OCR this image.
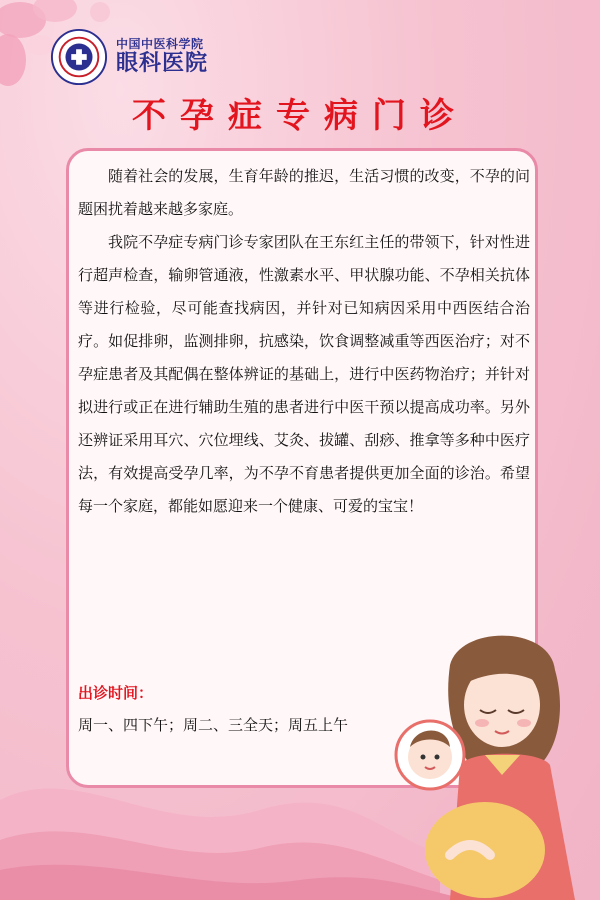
中国中医科学院
眼科医院
不孕症专病门诊

随着社会的发展，生育年龄的推迟，生活习惯的改变，不孕的问题困扰着越来越多家庭。

我院不孕症专病门诊专家团队在王东红主任的带领下，针对性进行超声检查，输卵管通液，性激素水平、甲状腺功能、不孕相关抗体等进行检验，尽可能查找病因，并针对已知病因采用中西医结合治疗。如促排卵，监测排卵，抗感染，饮食调整减重等西医治疗；对不孕症患者及其配偶在整体辨证的基础上，进行中医药物治疗；并针对拟进行或正在进行辅助生殖的患者进行中医干预以提高成功率。另外还辨证采用耳穴、穴位埋线、艾灸、拔罐、刮痧、推拿等多种中医疗法，有效提高受孕几率，为不孕不育患者提供更加全面的诊治。希望每一个家庭，都能如愿迎来一个健康、可爱的宝宝！

出诊时间：
周一、四下午；周二、三全天；周五上午
